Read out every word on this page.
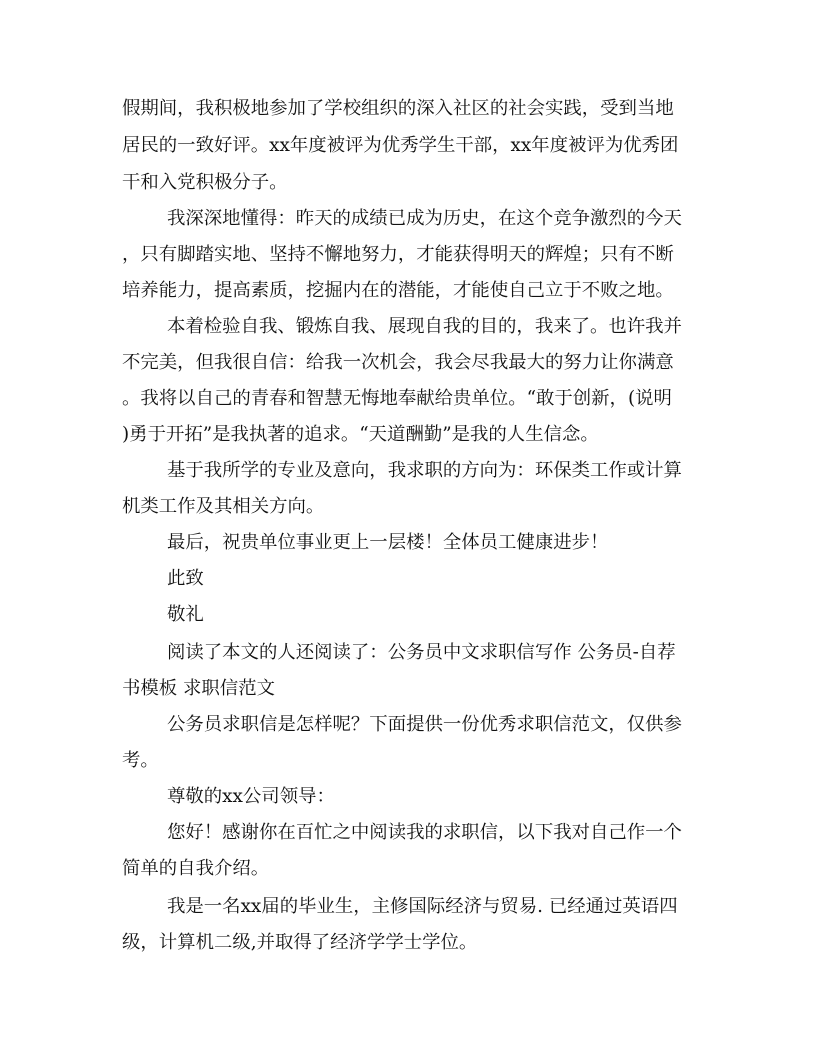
假期间，我积极地参加了学校组织的深入社区的社会实践，受到当地
居民的一致好评。xx年度被评为优秀学生干部，xx年度被评为优秀团
干和入党积极分子。
我深深地懂得：昨天的成绩已成为历史，在这个竞争激烈的今天
，只有脚踏实地、坚持不懈地努力，才能获得明天的辉煌；只有不断
培养能力，提高素质，挖掘内在的潜能，才能使自己立于不败之地。
本着检验自我、锻炼自我、展现自我的目的，我来了。也许我并
不完美，但我很自信：给我一次机会，我会尽我最大的努力让你满意
。我将以自己的青春和智慧无悔地奉献给贵单位。“敢于创新，(说明
)勇于开拓”是我执著的追求。“天道酬勤”是我的人生信念。
基于我所学的专业及意向，我求职的方向为：环保类工作或计算
机类工作及其相关方向。
最后，祝贵单位事业更上一层楼！全体员工健康进步！
此致
敬礼
阅读了本文的人还阅读了：公务员中文求职信写作 公务员-自荐
书模板 求职信范文
公务员求职信是怎样呢？下面提供一份优秀求职信范文，仅供参
考。
尊敬的xx公司领导：
您好！感谢你在百忙之中阅读我的求职信，以下我对自己作一个
简单的自我介绍。
我是一名xx届的毕业生，主修国际经济与贸易. 已经通过英语四
级，计算机二级,并取得了经济学学士学位。
